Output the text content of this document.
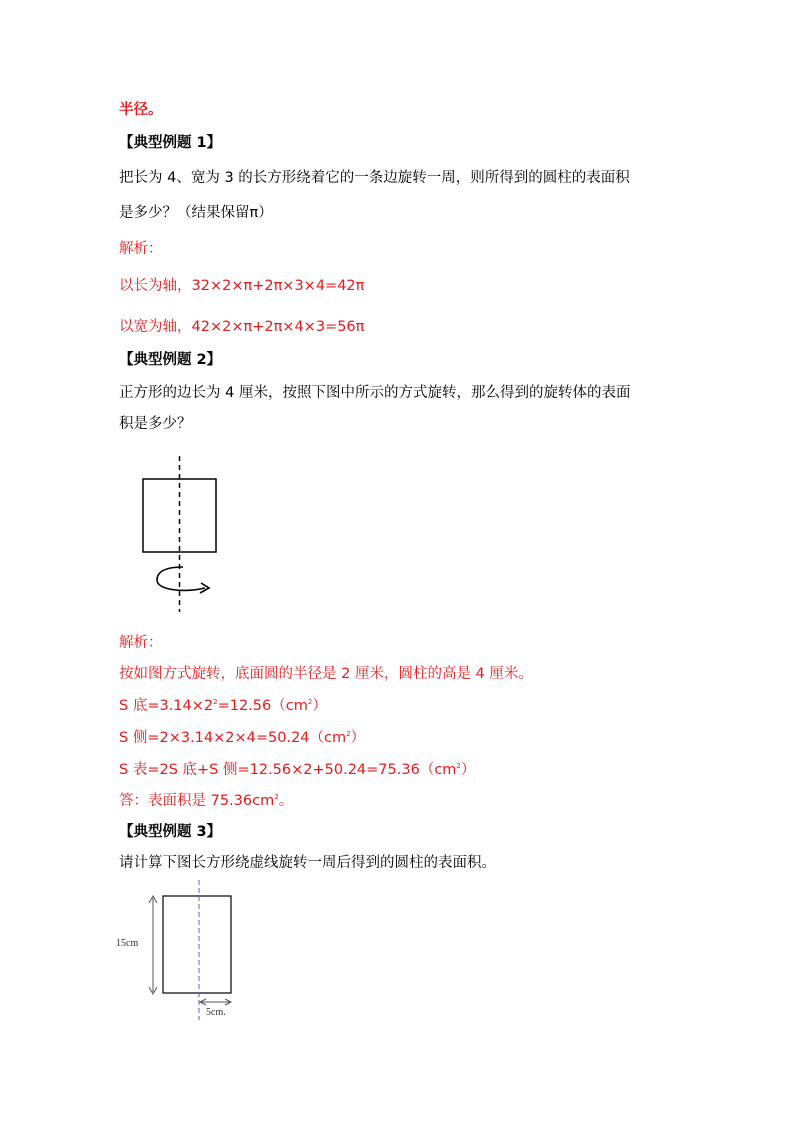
半径。
【典型例题 1】
把长为 4、宽为 3 的长方形绕着它的一条边旋转一周，则所得到的圆柱的表面积
是多少？（结果保留π）
解析：
以长为轴，32×2×π+2π×3×4=42π
以宽为轴，42×2×π+2π×4×3=56π
【典型例题 2】
正方形的边长为 4 厘米，按照下图中所示的方式旋转，那么得到的旋转体的表面
积是多少？
解析：
按如图方式旋转，底面圆的半径是 2 厘米，圆柱的高是 4 厘米。
S 底$=3.14\times 2^2=12.56(cm^2)$
S 侧$=2\times 3.14\times 2\times 4=50.24(cm^2)$
S 表=2S 底+S 侧$=12.56\times 2+50.24=75.36(cm^2)$
答：表面积是 $75.36cm^2$。
【典型例题 3】
请计算下图长方形绕虚线旋转一周后得到的圆柱的表面积。
15cm
5cm.
